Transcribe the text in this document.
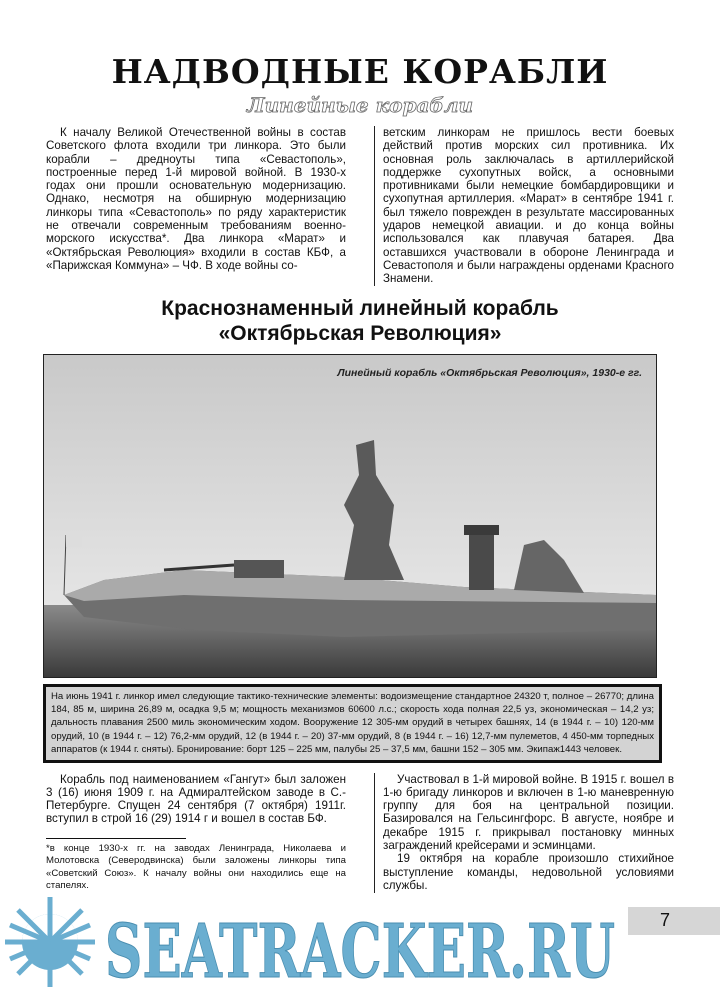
НАДВОДНЫЕ КОРАБЛИ
Линейные корабли

К началу Великой Отечественной войны в состав Советского флота входили три линкора. Это были корабли – дредноуты типа «Севастополь», построенные перед 1-й мировой войной. В 1930-х годах они прошли основательную модернизацию. Однако, несмотря на обширную модернизацию линкоры типа «Севастополь» по ряду характеристик не отвечали современным требованиям военно-морского искусства*. Два линкора «Марат» и «Октябрьская Революция» входили в состав КБФ, а «Парижская Коммуна» – ЧФ. В ходе войны со-

ветским линкорам не пришлось вести боевых действий против морских сил противника. Их основная роль заключалась в артиллерийской поддержке сухопутных войск, а основными противниками были немецкие бомбардировщики и сухопутная артиллерия. «Марат» в сентябре 1941 г. был тяжело поврежден в результате массированных ударов немецкой авиации. и до конца войны использовался как плавучая батарея. Два оставшихся участвовали в обороне Ленинграда и Севастополя и были награждены орденами Красного Знамени.

Краснознаменный линейный корабль
«Октябрьская Революция»
Линейный корабль «Октябрьская Революция», 1930-е гг.
На июнь 1941 г. линкор имел следующие тактико-технические элементы: водоизмещение стандартное 24320 т, полное – 26770; длина 184, 85 м, ширина 26,89 м, осадка 9,5 м; мощность механизмов 60600 л.с.; скорость хода полная 22,5 уз, экономическая – 14,2 уз; дальность плавания 2500 миль экономическим ходом. Вооружение 12 305-мм орудий в четырех башнях, 14 (в 1944 г. – 10) 120-мм орудий, 10 (в 1944 г. – 12) 76,2-мм орудий, 12 (в 1944 г. – 20) 37-мм орудий, 8 (в 1944 г. – 16) 12,7-мм пулеметов, 4 450-мм торпедных аппаратов (к 1944 г. сняты). Бронирование: борт 125 – 225 мм, палубы 25 – 37,5 мм, башни 152 – 305 мм. Экипаж1443 человек.

Корабль под наименованием «Гангут» был заложен 3 (16) июня 1909 г. на Адмиралтейском заводе в С.-Петербурге. Спущен 24 сентября (7 октября) 1911г. вступил в строй 16 (29) 1914 г и вошел в состав БФ.

*в конце 1930-х гг. на заводах Ленинграда, Николаева и Молотовска (Северодвинска) были заложены линкоры типа «Советский Союз». К началу войны они находились еще на стапелях.

Участвовал в 1-й мировой войне. В 1915 г. вошел в 1-ю бригаду линкоров и включен в 1-ю маневренную группу для боя на центральной позиции. Базировался на Гельсингфорс. В августе, ноябре и декабре 1915 г. прикрывал постановку минных заграждений крейсерами и эсминцами.

19 октября на корабле произошло стихийное выступление команды, недовольной условиями службы.

SEATRACKER.RU	7
